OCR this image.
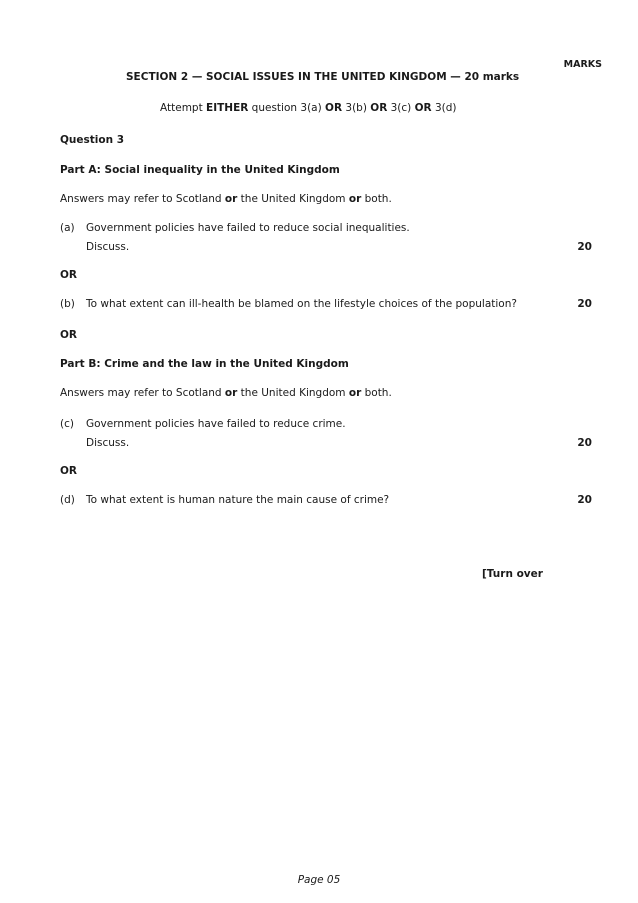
MARKS
SECTION 2 — SOCIAL ISSUES IN THE UNITED KINGDOM — 20 marks
Attempt EITHER question 3(a) OR 3(b) OR 3(c) OR 3(d)
Question 3
Part A: Social inequality in the United Kingdom
Answers may refer to Scotland or the United Kingdom or both.
(a) Government policies have failed to reduce social inequalities.
Discuss.	20
OR
(b) To what extent can ill-health be blamed on the lifestyle choices of the population?	20
OR
Part B: Crime and the law in the United Kingdom
Answers may refer to Scotland or the United Kingdom or both.
(c) Government policies have failed to reduce crime.
Discuss.	20
OR
(d) To what extent is human nature the main cause of crime?	20
[Turn over
Page 05
